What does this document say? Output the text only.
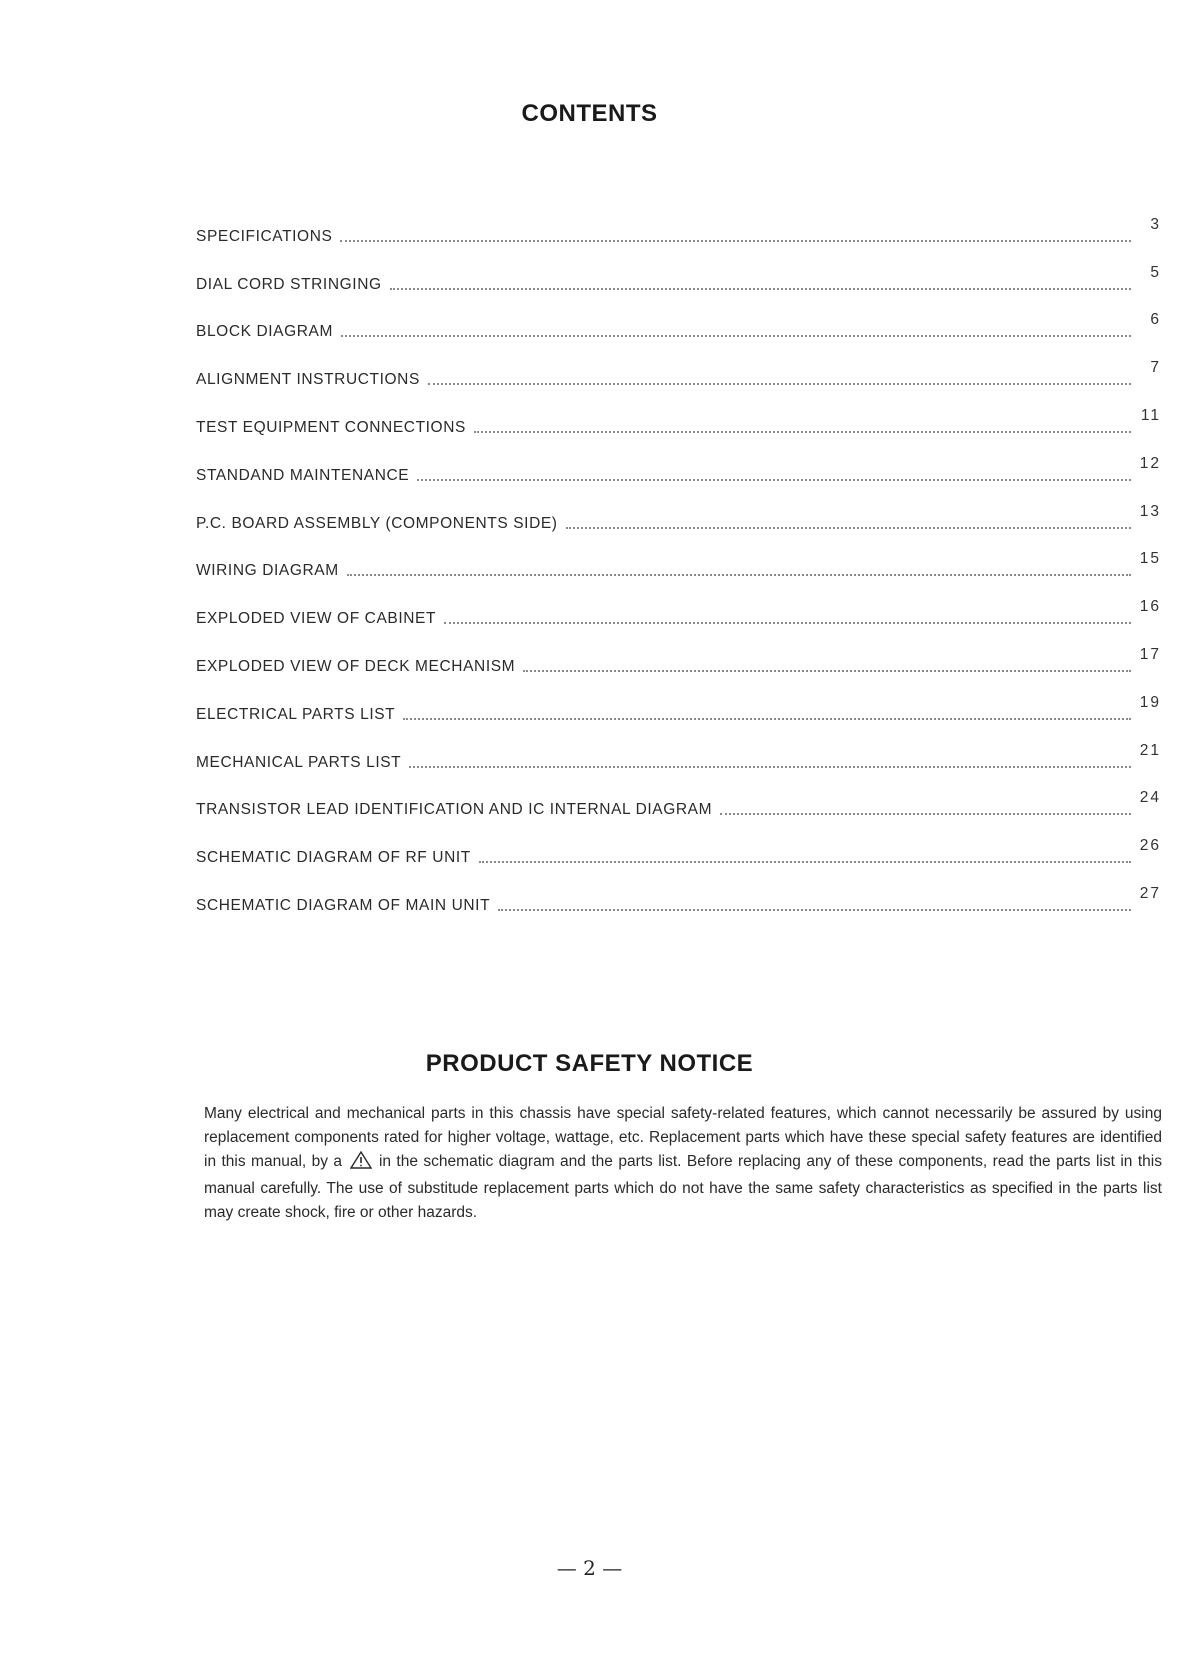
CONTENTS
SPECIFICATIONS
3
DIAL CORD STRINGING
5
BLOCK DIAGRAM
6
ALIGNMENT INSTRUCTIONS
7
TEST EQUIPMENT CONNECTIONS
11
STANDAND MAINTENANCE
12
P.C. BOARD ASSEMBLY (COMPONENTS SIDE)
13
WIRING DIAGRAM
15
EXPLODED VIEW OF CABINET
16
EXPLODED VIEW OF DECK MECHANISM
17
ELECTRICAL PARTS LIST
19
MECHANICAL PARTS LIST
21
TRANSISTOR LEAD IDENTIFICATION AND IC INTERNAL DIAGRAM
24
SCHEMATIC DIAGRAM OF RF UNIT
26
SCHEMATIC DIAGRAM OF MAIN UNIT
27
PRODUCT SAFETY NOTICE
Many electrical and mechanical parts in this chassis have special safety-related features, which cannot necessarily be assured by using replacement components rated for higher voltage, wattage, etc. Replacement parts which have these special safety features are identified in this manual, by a in the schematic diagram and the parts list. Before replacing any of these components, read the parts list in this manual carefully. The use of substitude replacement parts which do not have the same safety characteristics as specified in the parts list may create shock, fire or other hazards.
— 2 —
